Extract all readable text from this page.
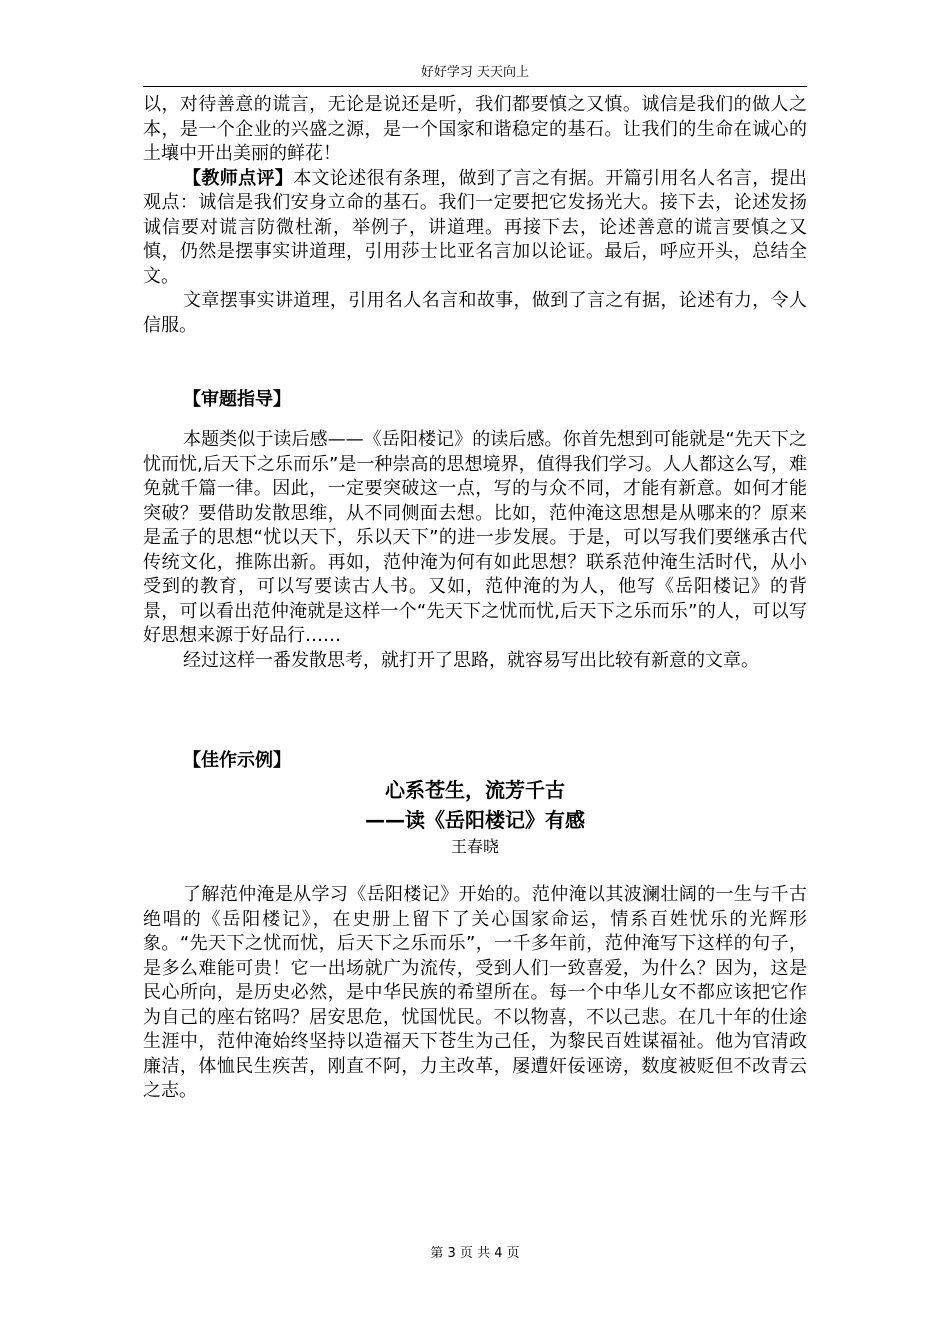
好好学习 天天向上

以，对待善意的谎言，无论是说还是听，我们都要慎之又慎。诚信是我们的做人之本，是一个企业的兴盛之源，是一个国家和谐稳定的基石。让我们的生命在诚心的土壤中开出美丽的鲜花！

【教师点评】本文论述很有条理，做到了言之有据。开篇引用名人名言，提出观点：诚信是我们安身立命的基石。我们一定要把它发扬光大。接下去，论述发扬诚信要对谎言防微杜渐，举例子，讲道理。再接下去，论述善意的谎言要慎之又慎，仍然是摆事实讲道理，引用莎士比亚名言加以论证。最后，呼应开头，总结全文。

文章摆事实讲道理，引用名人名言和故事，做到了言之有据，论述有力，令人信服。

【审题指导】

本题类似于读后感——《岳阳楼记》的读后感。你首先想到可能就是“先天下之忧而忧,后天下之乐而乐”是一种崇高的思想境界，值得我们学习。人人都这么写，难免就千篇一律。因此，一定要突破这一点，写的与众不同，才能有新意。如何才能突破？要借助发散思维，从不同侧面去想。比如，范仲淹这思想是从哪来的？原来是孟子的思想“忧以天下，乐以天下”的进一步发展。于是，可以写我们要继承古代传统文化，推陈出新。再如，范仲淹为何有如此思想？联系范仲淹生活时代，从小受到的教育，可以写要读古人书。又如，范仲淹的为人，他写《岳阳楼记》的背景，可以看出范仲淹就是这样一个“先天下之忧而忧,后天下之乐而乐”的人，可以写好思想来源于好品行……

经过这样一番发散思考，就打开了思路，就容易写出比较有新意的文章。

【佳作示例】

心系苍生，流芳千古

——读《岳阳楼记》有感

王春晓

了解范仲淹是从学习《岳阳楼记》开始的。范仲淹以其波澜壮阔的一生与千古绝唱的《岳阳楼记》，在史册上留下了关心国家命运，情系百姓忧乐的光辉形象。“先天下之忧而忧，后天下之乐而乐”，一千多年前，范仲淹写下这样的句子，是多么难能可贵！它一出场就广为流传，受到人们一致喜爱，为什么？因为，这是民心所向，是历史必然，是中华民族的希望所在。每一个中华儿女不都应该把它作为自己的座右铭吗？居安思危，忧国忧民。不以物喜，不以己悲。在几十年的仕途生涯中，范仲淹始终坚持以造福天下苍生为己任，为黎民百姓谋福祉。他为官清政廉洁，体恤民生疾苦，刚直不阿，力主改革，屡遭奸佞诬谤，数度被贬但不改青云之志。

第 3 页 共 4 页
